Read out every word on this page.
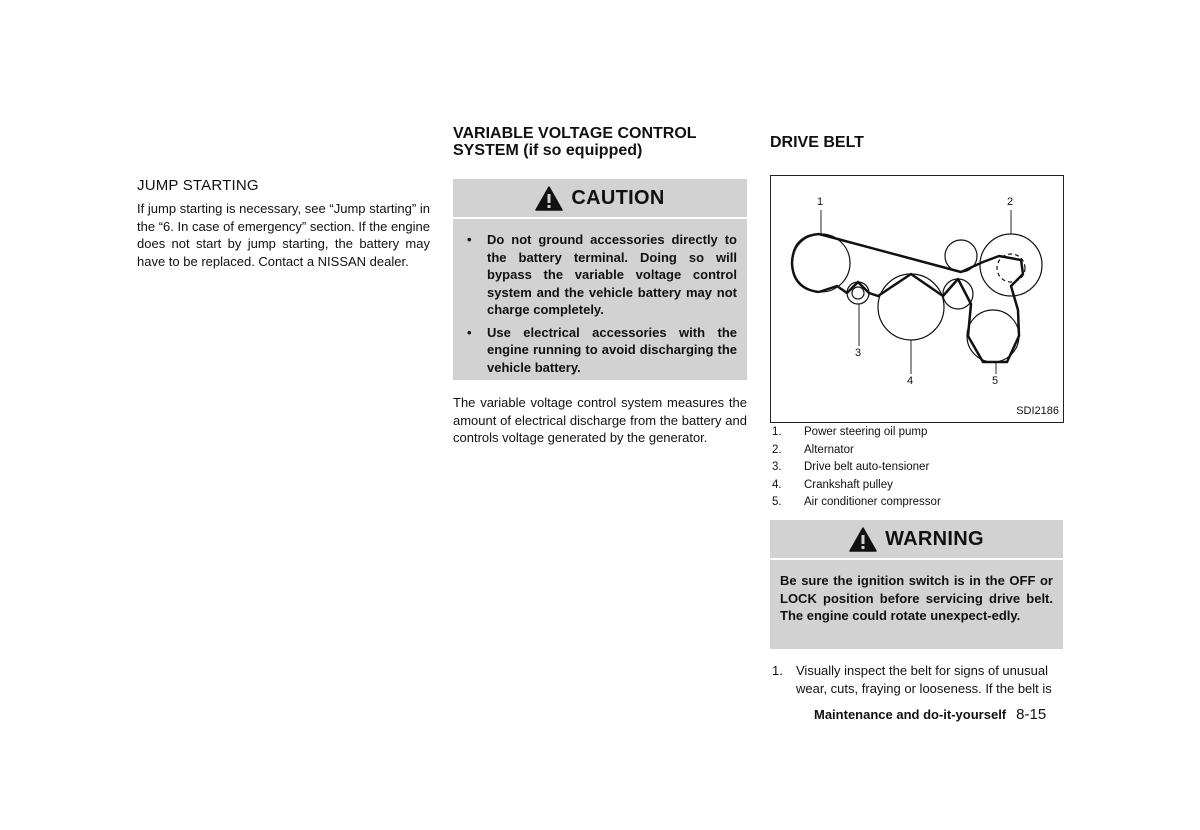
JUMP STARTING

If jump starting is necessary, see “Jump starting” in the “6. In case of emergency” section. If the engine does not start by jump starting, the battery may have to be replaced. Contact a NISSAN dealer.

VARIABLE VOLTAGE CONTROL
SYSTEM (if so equipped)
CAUTION
• Do not ground accessories directly to the battery terminal. Doing so will bypass the variable voltage control system and the vehicle battery may not charge completely.
• Use electrical accessories with the engine running to avoid discharging the vehicle battery.

The variable voltage control system measures the amount of electrical discharge from the battery and controls voltage generated by the generator.

DRIVE BELT
1	2
3
4	5
SDI2186
1.	Power steering oil pump
2.	Alternator
3.	Drive belt auto-tensioner
4.	Crankshaft pulley
5.	Air conditioner compressor
WARNING
Be sure the ignition switch is in the OFF or LOCK position before servicing drive belt. The engine could rotate unexpect-edly.
1.	Visually inspect the belt for signs of unusual
wear, cuts, fraying or looseness. If the belt is
Maintenance and do-it-yourself 8-15
